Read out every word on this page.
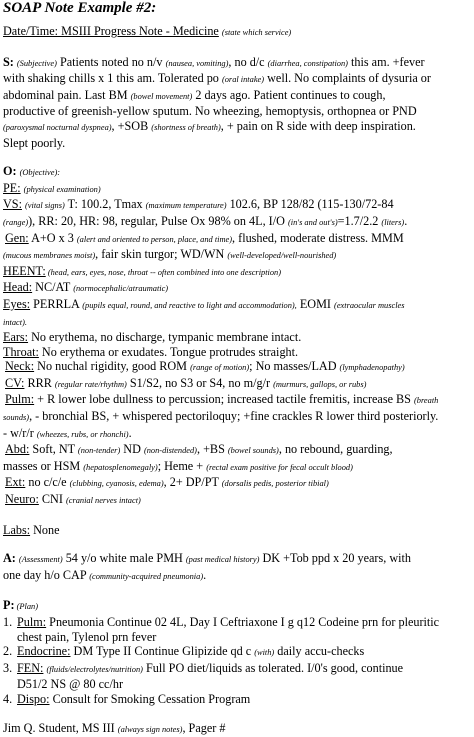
SOAP Note Example #2:

Date/Time: MSIII Progress Note - Medicine (state which service)

S: (Subjective) Patients noted no n/v (nausea, vomiting), no d/c (diarrhea, constipation) this am. +fever

with shaking chills x 1 this am. Tolerated po (oral intake) well. No complaints of dysuria or

abdominal pain. Last BM (bowel movement) 2 days ago. Patient continues to cough,

productive of greenish-yellow sputum. No wheezing, hemoptysis, orthopnea or PND

(paroxysmal nocturnal dyspnea), +SOB (shortness of breath), + pain on R side with deep inspiration.

Slept poorly.

O: (Objective):

PE: (physical examination)

VS: (vital signs) T: 100.2, Tmax (maximum temperature) 102.6, BP 128/82 (115-130/72-84

(range)), RR: 20, HR: 98, regular, Pulse Ox 98% on 4L, I/O (in's and out's)=1.7/2.2 (liters).

Gen: A+O x 3 (alert and oriented to person, place, and time), flushed, moderate distress. MMM

(mucous membranes moist), fair skin turgor; WD/WN (well-developed/well-nourished)

HEENT: (head, ears, eyes, nose, throat -- often combined into one description)

Head: NC/AT (normocephalic/atraumatic)

Eyes: PERRLA (pupils equal, round, and reactive to light and accommodation), EOMI (extraocular muscles

intact).

Ears: No erythema, no discharge, tympanic membrane intact.

Throat: No erythema or exudates. Tongue protrudes straight.

Neck: No nuchal rigidity, good ROM (range of motion); No masses/LAD (lymphadenopathy)

CV: RRR (regular rate/rhythm) S1/S2, no S3 or S4, no m/g/r (murmurs, gallops, or rubs)

Pulm: + R lower lobe dullness to percussion; increased tactile fremitis, increase BS (breath

sounds), - bronchial BS, + whispered pectoriloquy; +fine crackles R lower third posteriorly.

- w/r/r (wheezes, rubs, or rhonchi).

Abd: Soft, NT (non-tender) ND (non-distended), +BS (bowel sounds), no rebound, guarding,

masses or HSM (hepatosplenomegaly); Heme + (rectal exam positive for fecal occult blood)

Ext: no c/c/e (clubbing, cyanosis, edema), 2+ DP/PT (dorsalis pedis, posterior tibial)

Neuro: CNI (cranial nerves intact)

Labs: None

A: (Assessment) 54 y/o white male PMH (past medical history) DK +Tob ppd x 20 years, with

one day h/o CAP (community-acquired pneumonia).

P: (Plan)

1. Pulm: Pneumonia Continue 02 4L, Day I Ceftriaxone I g q12 Codeine prn for pleuritic
chest pain, Tylenol prn fever
2. Endocrine: DM Type II Continue Glipizide qd c (with) daily accu-checks
3. FEN: (fluids/electrolytes/nutrition) Full PO diet/liquids as tolerated. I/0's good, continue
D51/2 NS @ 80 cc/hr
4. Dispo: Consult for Smoking Cessation Program

Jim Q. Student, MS III (always sign notes), Pager #
